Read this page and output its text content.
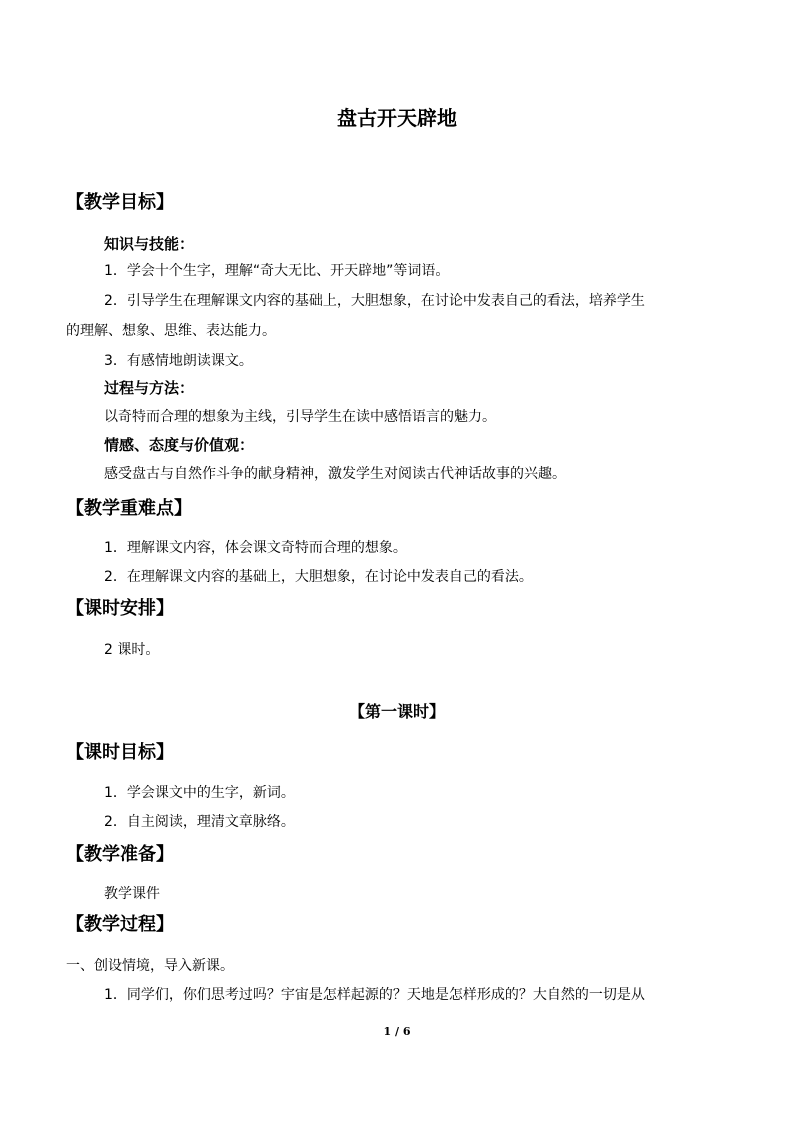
盘古开天辟地
【教学目标】
知识与技能：
1．学会十个生字，理解“奇大无比、开天辟地”等词语。
2．引导学生在理解课文内容的基础上，大胆想象，在讨论中发表自己的看法，培养学生
的理解、想象、思维、表达能力。
3．有感情地朗读课文。
过程与方法：
以奇特而合理的想象为主线，引导学生在读中感悟语言的魅力。
情感、态度与价值观：
感受盘古与自然作斗争的献身精神，激发学生对阅读古代神话故事的兴趣。
【教学重难点】
1．理解课文内容，体会课文奇特而合理的想象。
2．在理解课文内容的基础上，大胆想象，在讨论中发表自己的看法。
【课时安排】
2 课时。
【第一课时】
【课时目标】
1．学会课文中的生字，新词。
2．自主阅读，理清文章脉络。
【教学准备】
教学课件
【教学过程】
一、创设情境，导入新课。
1．同学们，你们思考过吗？宇宙是怎样起源的？天地是怎样形成的？大自然的一切是从
1 / 6
